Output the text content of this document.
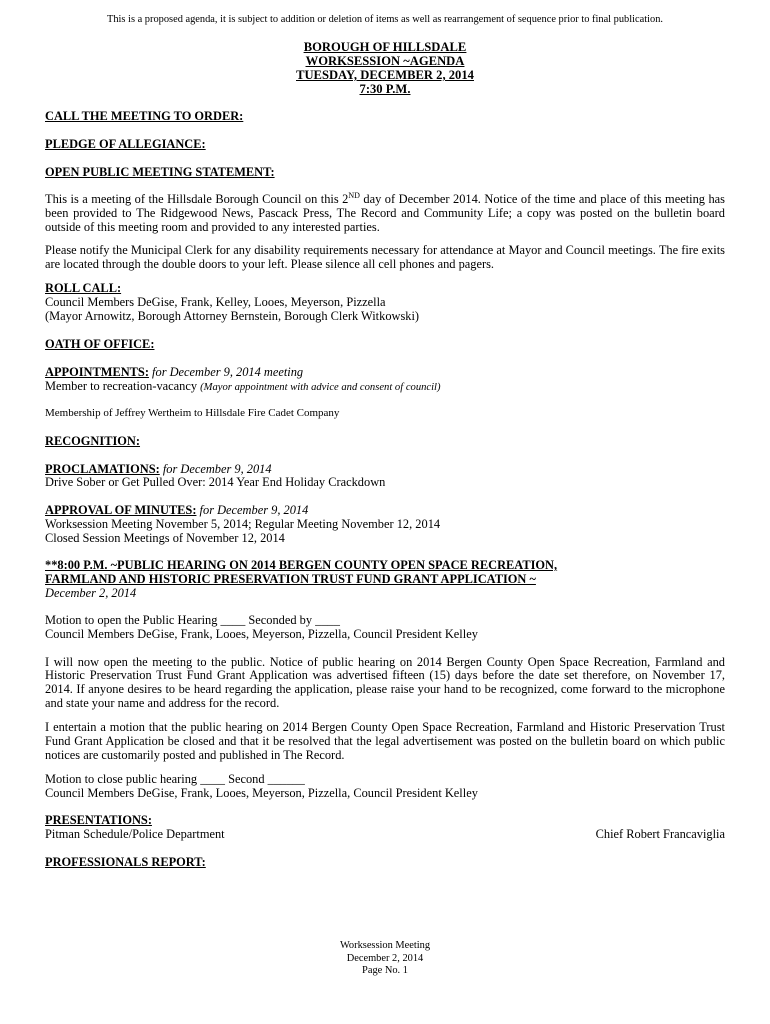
This is a proposed agenda, it is subject to addition or deletion of items as well as rearrangement of sequence prior to final publication.

BOROUGH OF HILLSDALE
WORKSESSION ~AGENDA
TUESDAY, DECEMBER 2, 2014
7:30 P.M.

CALL THE MEETING TO ORDER:

PLEDGE OF ALLEGIANCE:

OPEN PUBLIC MEETING STATEMENT:

This is a meeting of the Hillsdale Borough Council on this 2ND day of December 2014. Notice of the time and place of this meeting has been provided to The Ridgewood News, Pascack Press, The Record and Community Life; a copy was posted on the bulletin board outside of this meeting room and provided to any interested parties.

Please notify the Municipal Clerk for any disability requirements necessary for attendance at Mayor and Council meetings. The fire exits are located through the double doors to your left. Please silence all cell phones and pagers.

ROLL CALL:

Council Members DeGise, Frank, Kelley, Looes, Meyerson, Pizzella

(Mayor Arnowitz, Borough Attorney Bernstein, Borough Clerk Witkowski)

OATH OF OFFICE:

APPOINTMENTS: for December 9, 2014 meeting

Member to recreation-vacancy (Mayor appointment with advice and consent of council)

Membership of Jeffrey Wertheim to Hillsdale Fire Cadet Company

RECOGNITION:

PROCLAMATIONS: for December 9, 2014

Drive Sober or Get Pulled Over: 2014 Year End Holiday Crackdown

APPROVAL OF MINUTES: for December 9, 2014

Worksession Meeting November 5, 2014; Regular Meeting November 12, 2014

Closed Session Meetings of November 12, 2014

**8:00 P.M. ~PUBLIC HEARING ON 2014 BERGEN COUNTY OPEN SPACE RECREATION,

FARMLAND AND HISTORIC PRESERVATION TRUST FUND GRANT APPLICATION ~

December 2, 2014

Motion to open the Public Hearing ____ Seconded by ____

Council Members DeGise, Frank, Looes, Meyerson, Pizzella, Council President Kelley

I will now open the meeting to the public. Notice of public hearing on 2014 Bergen County Open Space Recreation, Farmland and Historic Preservation Trust Fund Grant Application was advertised fifteen (15) days before the date set therefore, on November 17, 2014. If anyone desires to be heard regarding the application, please raise your hand to be recognized, come forward to the microphone and state your name and address for the record.

I entertain a motion that the public hearing on 2014 Bergen County Open Space Recreation, Farmland and Historic Preservation Trust Fund Grant Application be closed and that it be resolved that the legal advertisement was posted on the bulletin board on which public notices are customarily posted and published in The Record.

Motion to close public hearing ____ Second ______

Council Members DeGise, Frank, Looes, Meyerson, Pizzella, Council President Kelley

PRESENTATIONS:

Pitman Schedule/Police Department	Chief Robert Francaviglia

PROFESSIONALS REPORT:

Worksession Meeting
December 2, 2014
Page No. 1
